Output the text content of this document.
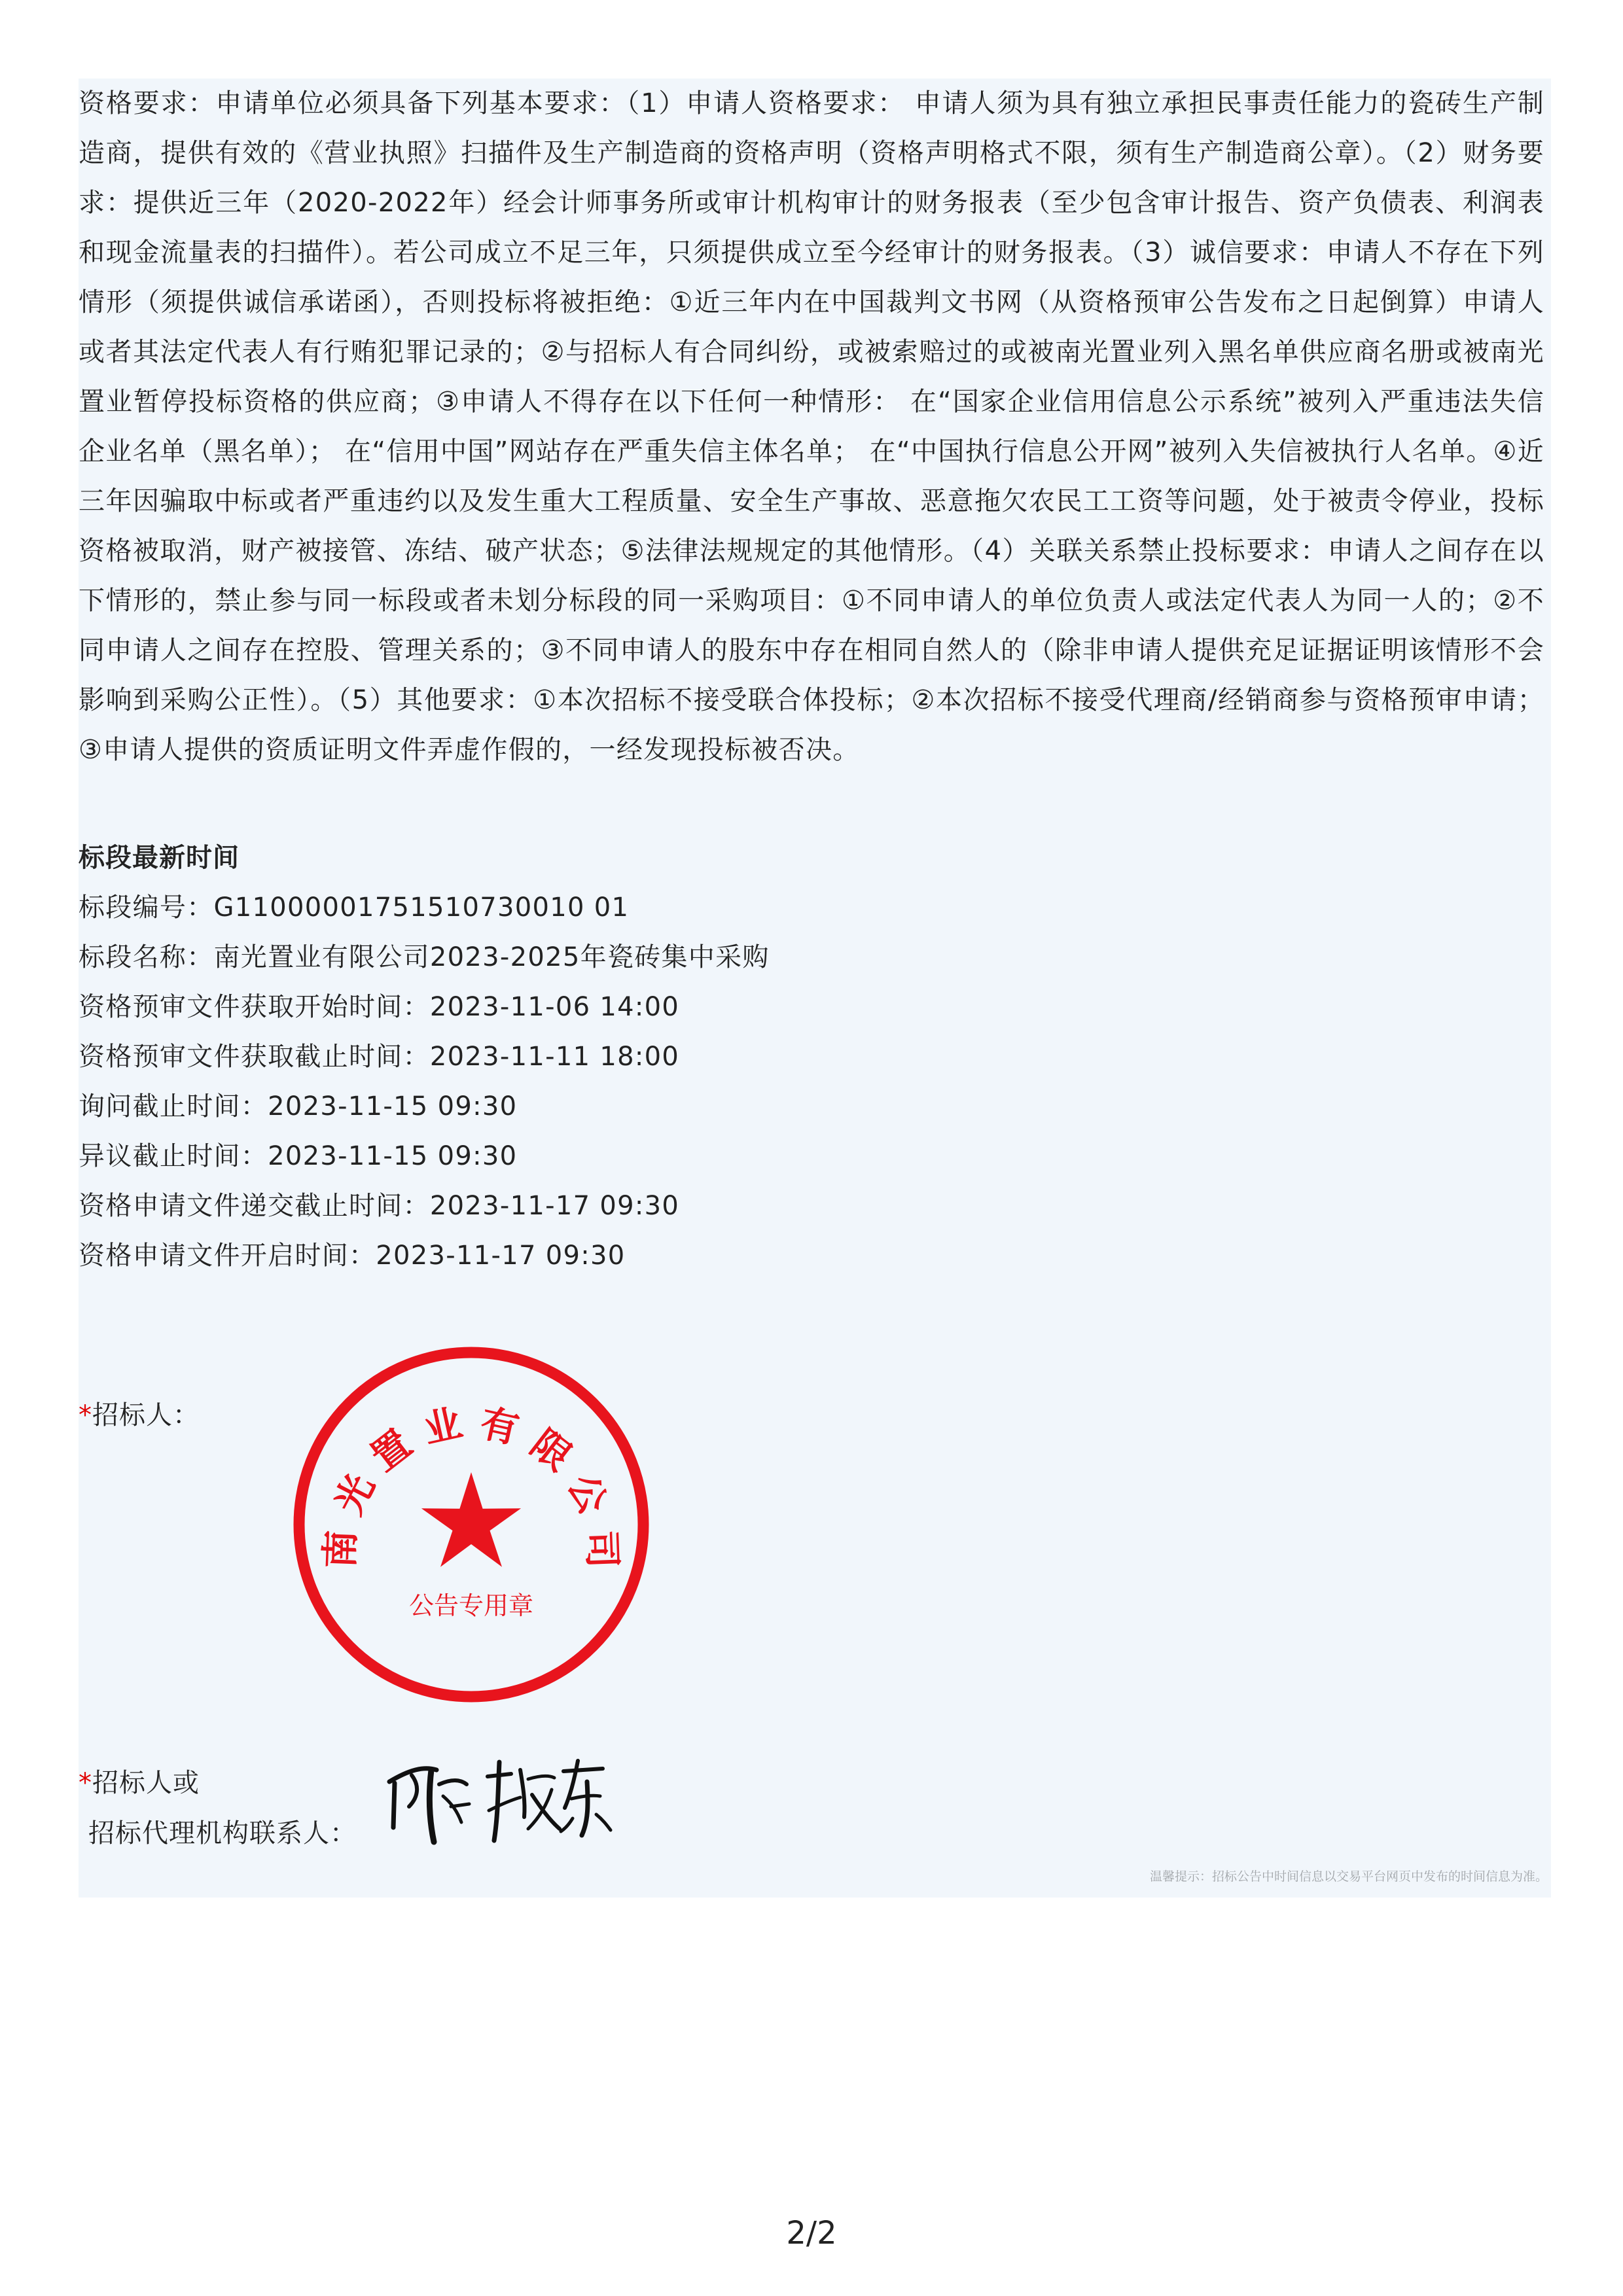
资格要求：申请单位必须具备下列基本要求：（1）申请人资格要求： 申请人须为具有独立承担民事责任能力的瓷砖生产制造商，提供有效的《营业执照》扫描件及生产制造商的资格声明（资格声明格式不限，须有生产制造商公章）。（2）财务要求：提供近三年（2020-2022年）经会计师事务所或审计机构审计的财务报表（至少包含审计报告、资产负债表、利润表和现金流量表的扫描件）。若公司成立不足三年，只须提供成立至今经审计的财务报表。（3）诚信要求：申请人不存在下列情形（须提供诚信承诺函），否则投标将被拒绝：①近三年内在中国裁判文书网（从资格预审公告发布之日起倒算）申请人或者其法定代表人有行贿犯罪记录的；②与招标人有合同纠纷，或被索赔过的或被南光置业列入黑名单供应商名册或被南光置业暂停投标资格的供应商；③申请人不得存在以下任何一种情形： 在“国家企业信用信息公示系统”被列入严重违法失信企业名单（黑名单）； 在“信用中国”网站存在严重失信主体名单； 在“中国执行信息公开网”被列入失信被执行人名单。④近三年因骗取中标或者严重违约以及发生重大工程质量、安全生产事故、恶意拖欠农民工工资等问题，处于被责令停业，投标资格被取消，财产被接管、冻结、破产状态；⑤法律法规规定的其他情形。（4）关联关系禁止投标要求：申请人之间存在以下情形的，禁止参与同一标段或者未划分标段的同一采购项目：①不同申请人的单位负责人或法定代表人为同一人的；②不同申请人之间存在控股、管理关系的；③不同申请人的股东中存在相同自然人的（除非申请人提供充足证据证明该情形不会影响到采购公正性）。（5）其他要求：①本次招标不接受联合体投标；②本次招标不接受代理商/经销商参与资格预审申请；③申请人提供的资质证明文件弄虚作假的，一经发现投标被否决。

标段最新时间
标段编号：G11000001751510730010 01
标段名称：南光置业有限公司2023-2025年瓷砖集中采购
资格预审文件获取开始时间：2023-11-06 14:00
资格预审文件获取截止时间：2023-11-11 18:00
询问截止时间：2023-11-15 09:30
异议截止时间：2023-11-15 09:30
资格申请文件递交截止时间：2023-11-17 09:30
资格申请文件开启时间：2023-11-17 09:30
*招标人：
南光置业有限公司
公告专用章
*招标人或
招标代理机构联系人：
温馨提示：招标公告中时间信息以交易平台网页中发布的时间信息为准。
2/2
